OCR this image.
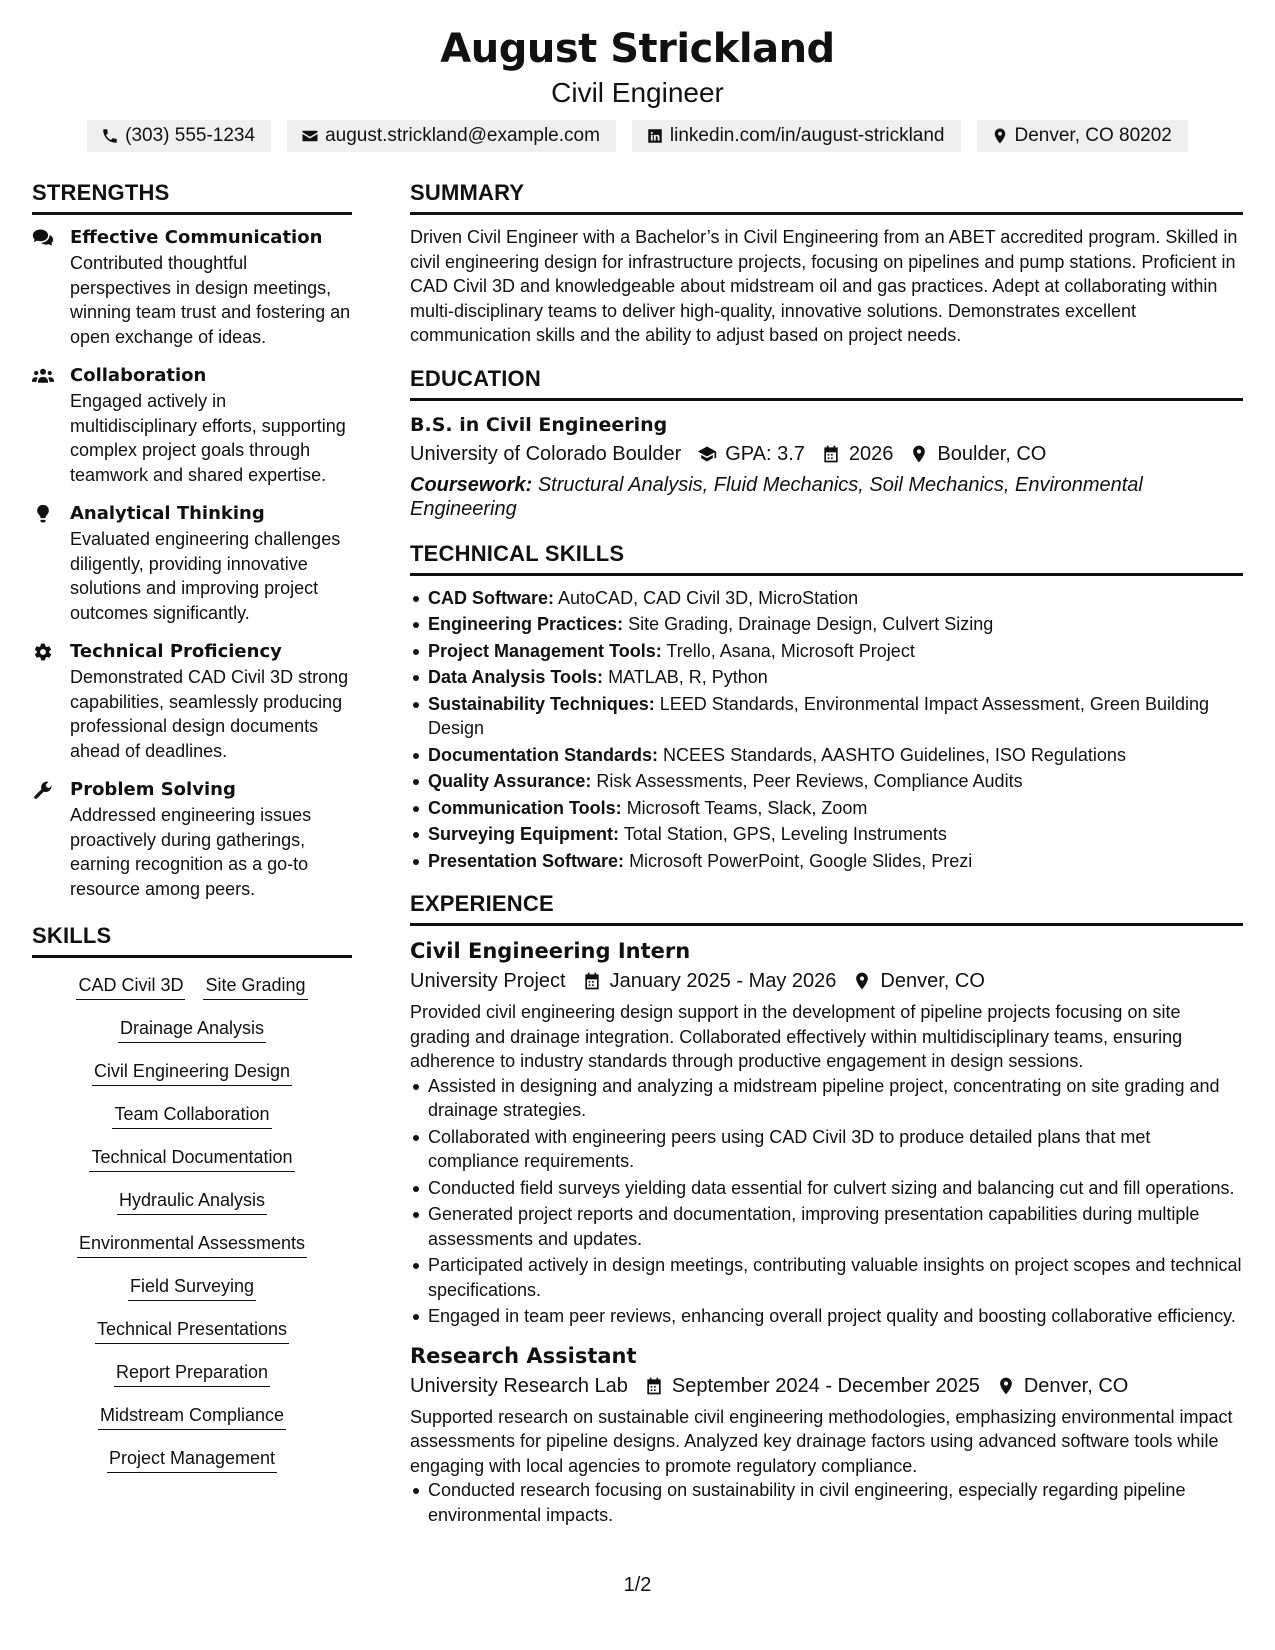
August Strickland
Civil Engineer
(303) 555-1234	august.strickland@example.com	linkedin.com/in/august-strickland	Denver, CO 80202
STRENGTHS
Effective Communication
Contributed thoughtful perspectives in design meetings, winning team trust and fostering an open exchange of ideas.
Collaboration
Engaged actively in multidisciplinary efforts, supporting complex project goals through teamwork and shared expertise.
Analytical Thinking
Evaluated engineering challenges diligently, providing innovative solutions and improving project outcomes significantly.
Technical Proficiency
Demonstrated CAD Civil 3D strong capabilities, seamlessly producing professional design documents ahead of deadlines.
Problem Solving
Addressed engineering issues proactively during gatherings, earning recognition as a go-to resource among peers.
SKILLS
CAD Civil 3D Site Grading
Drainage Analysis
Civil Engineering Design
Team Collaboration
Technical Documentation
Hydraulic Analysis
Environmental Assessments
Field Surveying
Technical Presentations
Report Preparation
Midstream Compliance
Project Management
SUMMARY
Driven Civil Engineer with a Bachelor’s in Civil Engineering from an ABET accredited program. Skilled in civil engineering design for infrastructure projects, focusing on pipelines and pump stations. Proficient in CAD Civil 3D and knowledgeable about midstream oil and gas practices. Adept at collaborating within multi-disciplinary teams to deliver high-quality, innovative solutions. Demonstrates excellent communication skills and the ability to adjust based on project needs.
EDUCATION
B.S. in Civil Engineering
University of Colorado Boulder GPA: 3.7 2026 Boulder, CO
Coursework: Structural Analysis, Fluid Mechanics, Soil Mechanics, Environmental Engineering
TECHNICAL SKILLS
CAD Software: AutoCAD, CAD Civil 3D, MicroStation
Engineering Practices: Site Grading, Drainage Design, Culvert Sizing
Project Management Tools: Trello, Asana, Microsoft Project
Data Analysis Tools: MATLAB, R, Python
Sustainability Techniques: LEED Standards, Environmental Impact Assessment, Green Building Design
Documentation Standards: NCEES Standards, AASHTO Guidelines, ISO Regulations
Quality Assurance: Risk Assessments, Peer Reviews, Compliance Audits
Communication Tools: Microsoft Teams, Slack, Zoom
Surveying Equipment: Total Station, GPS, Leveling Instruments
Presentation Software: Microsoft PowerPoint, Google Slides, Prezi
EXPERIENCE
Civil Engineering Intern
University Project January 2025 - May 2026 Denver, CO
Provided civil engineering design support in the development of pipeline projects focusing on site grading and drainage integration. Collaborated effectively within multidisciplinary teams, ensuring adherence to industry standards through productive engagement in design sessions.
Assisted in designing and analyzing a midstream pipeline project, concentrating on site grading and drainage strategies.
Collaborated with engineering peers using CAD Civil 3D to produce detailed plans that met compliance requirements.
Conducted field surveys yielding data essential for culvert sizing and balancing cut and fill operations.
Generated project reports and documentation, improving presentation capabilities during multiple assessments and updates.
Participated actively in design meetings, contributing valuable insights on project scopes and technical specifications.
Engaged in team peer reviews, enhancing overall project quality and boosting collaborative efficiency.
Research Assistant
University Research Lab September 2024 - December 2025 Denver, CO
Supported research on sustainable civil engineering methodologies, emphasizing environmental impact assessments for pipeline designs. Analyzed key drainage factors using advanced software tools while engaging with local agencies to promote regulatory compliance.
Conducted research focusing on sustainability in civil engineering, especially regarding pipeline environmental impacts.
1/2
